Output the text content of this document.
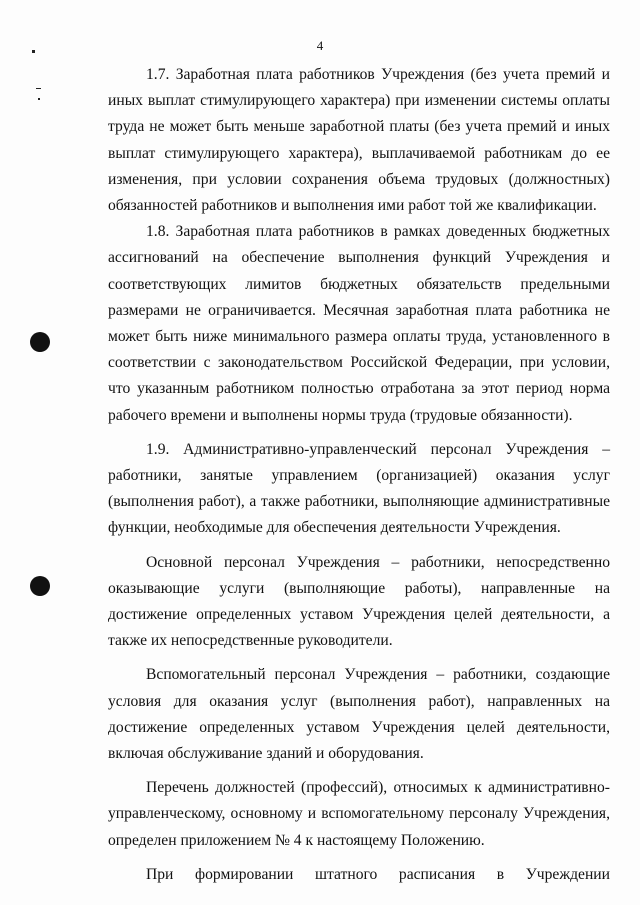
4

1.7. Заработная плата работников Учреждения (без учета премий и иных выплат стимулирующего характера) при изменении системы оплаты труда не может быть меньше заработной платы (без учета премий и иных выплат стимулирующего характера), выплачиваемой работникам до ее изменения, при условии сохранения объема трудовых (должностных) обязанностей работников и выполнения ими работ той же квалификации.

1.8. Заработная плата работников в рамках доведенных бюджетных ассигнований на обеспечение выполнения функций Учреждения и соответствующих лимитов бюджетных обязательств предельными размерами не ограничивается. Месячная заработная плата работника не может быть ниже минимального размера оплаты труда, установленного в соответствии с законодательством Российской Федерации, при условии, что указанным работником полностью отработана за этот период норма рабочего времени и выполнены нормы труда (трудовые обязанности).

1.9. Административно-управленческий персонал Учреждения – работники, занятые управлением (организацией) оказания услуг (выполнения работ), а также работники, выполняющие административные функции, необходимые для обеспечения деятельности Учреждения.

Основной персонал Учреждения – работники, непосредственно оказывающие услуги (выполняющие работы), направленные на достижение определенных уставом Учреждения целей деятельности, а также их непосредственные руководители.

Вспомогательный персонал Учреждения – работники, создающие условия для оказания услуг (выполнения работ), направленных на достижение определенных уставом Учреждения целей деятельности, включая обслуживание зданий и оборудования.

Перечень должностей (профессий), относимых к административно-управленческому, основному и вспомогательному персоналу Учреждения, определен приложением № 4 к настоящему Положению.

При формировании штатного расписания в Учреждении
